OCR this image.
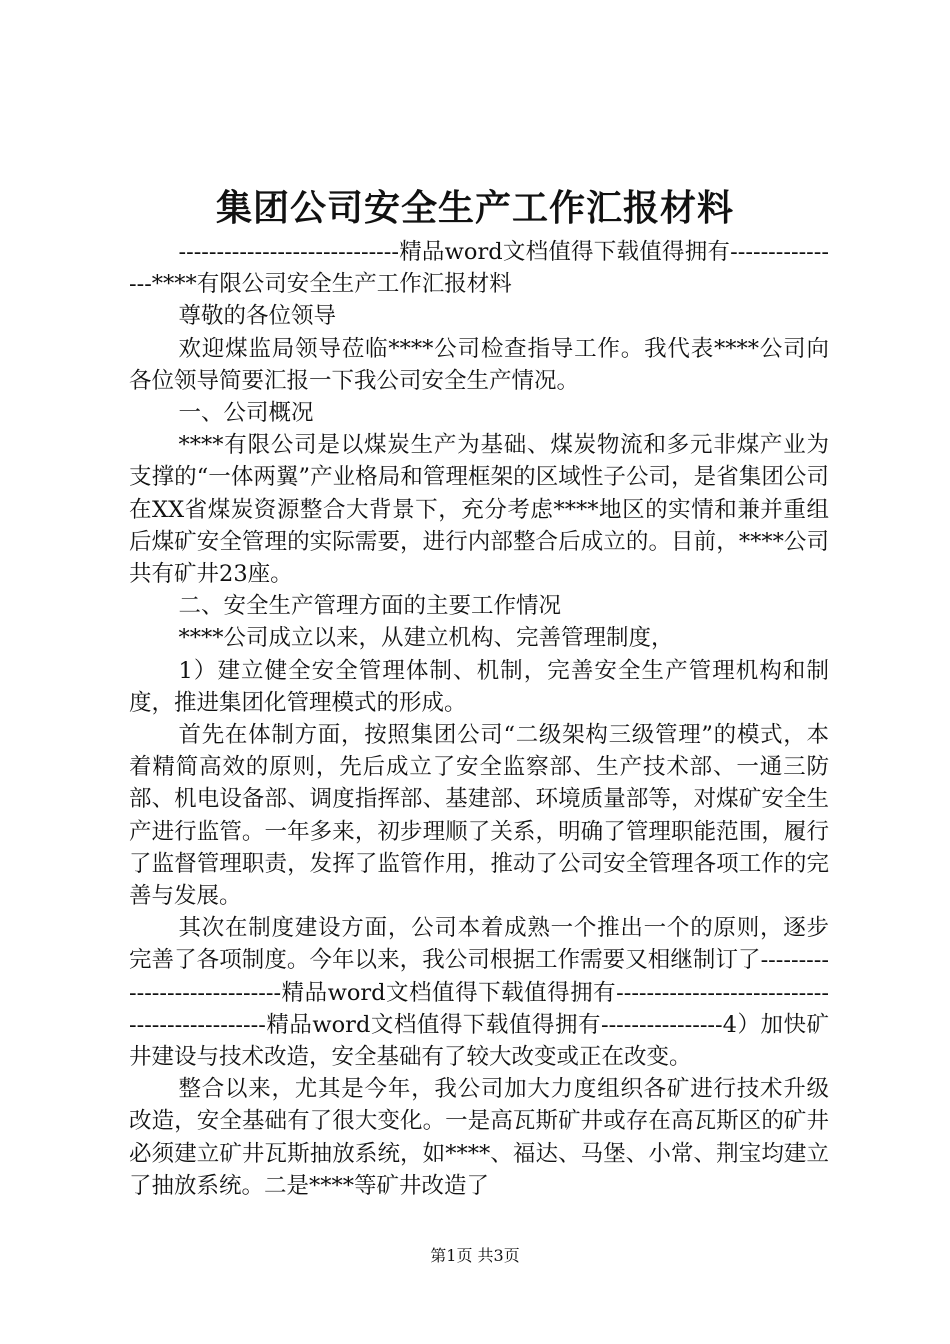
集团公司安全生产工作汇报材料

-----------------------------精品word文档值得下载值得拥有----------------****有限公司安全生产工作汇报材料

尊敬的各位领导

欢迎煤监局领导莅临****公司检查指导工作。我代表****公司向各位领导简要汇报一下我公司安全生产情况。

一、公司概况

****有限公司是以煤炭生产为基础、煤炭物流和多元非煤产业为支撑的“一体两翼”产业格局和管理框架的区域性子公司，是省集团公司在XX省煤炭资源整合大背景下，充分考虑****地区的实情和兼并重组后煤矿安全管理的实际需要，进行内部整合后成立的。目前，****公司共有矿井23座。

二、安全生产管理方面的主要工作情况

****公司成立以来，从建立机构、完善管理制度，

1）建立健全安全管理体制、机制，完善安全生产管理机构和制度，推进集团化管理模式的形成。

首先在体制方面，按照集团公司“二级架构三级管理”的模式，本着精简高效的原则，先后成立了安全监察部、生产技术部、一通三防部、机电设备部、调度指挥部、基建部、环境质量部等，对煤矿安全生产进行监管。一年多来，初步理顺了关系，明确了管理职能范围，履行了监督管理职责，发挥了监管作用，推动了公司安全管理各项工作的完善与发展。

其次在制度建设方面，公司本着成熟一个推出一个的原则，逐步完善了各项制度。今年以来，我公司根据工作需要又相继制订了-----------------------------精品word文档值得下载值得拥有----------------------------------------------精品word文档值得下载值得拥有----------------4）加快矿井建设与技术改造，安全基础有了较大改变或正在改变。

整合以来，尤其是今年，我公司加大力度组织各矿进行技术升级改造，安全基础有了很大变化。一是高瓦斯矿井或存在高瓦斯区的矿井必须建立矿井瓦斯抽放系统，如****、福达、马堡、小常、荆宝均建立了抽放系统。二是****等矿井改造了

第1页 共3页
